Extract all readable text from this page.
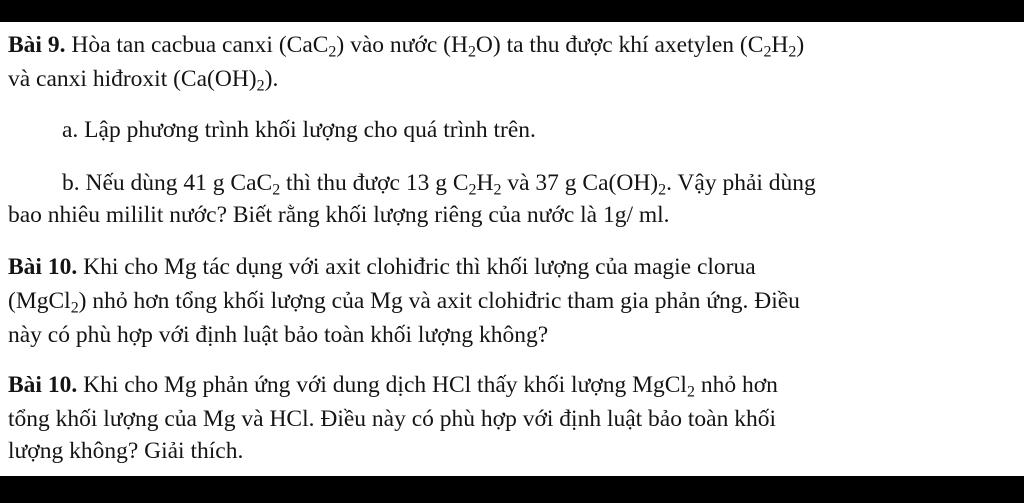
Bài 9. Hòa tan cacbua canxi (CaC$_2$) vào nước $(H_2O)$ ta thu được khí axetylen $(C_2H_2)$
và canxi hiđroxit $(Ca(OH)_2)$.
a. Lập phương trình khối lượng cho quá trình trên.
b. Nếu dùng 41 g CaC$_2$ thì thu được 13 g $C_2H_2$ và 37 g $Ca(OH)_2$. Vậy phải dùng
bao nhiêu mililit nước? Biết rằng khối lượng riêng của nước là 1g/ ml.
Bài 10. Khi cho Mg tác dụng với axit clohiđric thì khối lượng của magie clorua
(MgCl$_2$) nhỏ hơn tổng khối lượng của Mg và axit clohiđric tham gia phản ứng. Điều
này có phù hợp với định luật bảo toàn khối lượng không?
Bài 10. Khi cho Mg phản ứng với dung dịch HCl thấy khối lượng MgCl$_2$ nhỏ hơn
tổng khối lượng của Mg và HCl. Điều này có phù hợp với định luật bảo toàn khối
lượng không? Giải thích.
